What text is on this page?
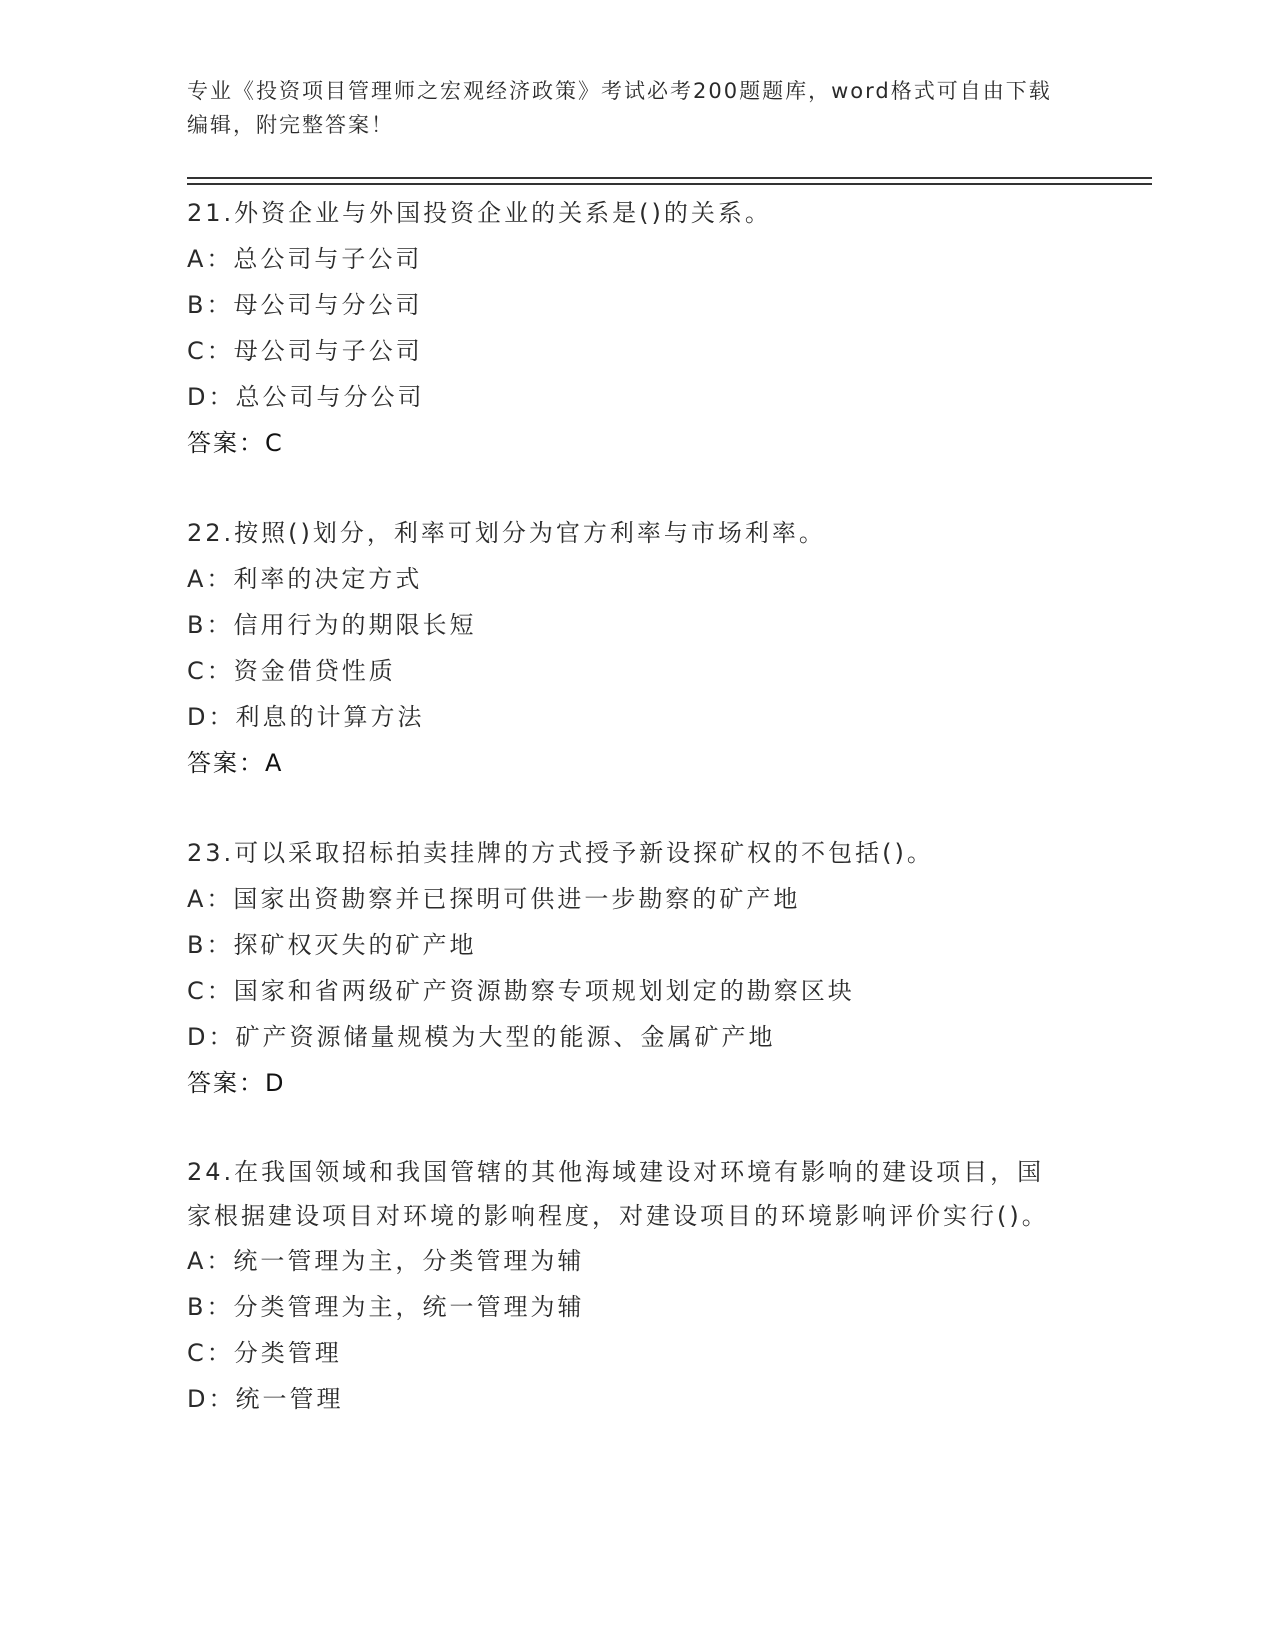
专业《投资项目管理师之宏观经济政策》考试必考200题题库，word格式可自由下载编辑，附完整答案！
21.外资企业与外国投资企业的关系是()的关系。
A：总公司与子公司
B：母公司与分公司
C：母公司与子公司
D：总公司与分公司
答案：C
22.按照()划分，利率可划分为官方利率与市场利率。
A：利率的决定方式
B：信用行为的期限长短
C：资金借贷性质
D：利息的计算方法
答案：A
23.可以采取招标拍卖挂牌的方式授予新设探矿权的不包括()。
A：国家出资勘察并已探明可供进一步勘察的矿产地
B：探矿权灭失的矿产地
C：国家和省两级矿产资源勘察专项规划划定的勘察区块
D：矿产资源储量规模为大型的能源、金属矿产地
答案：D
24.在我国领域和我国管辖的其他海域建设对环境有影响的建设项目，国家根据建设项目对环境的影响程度，对建设项目的环境影响评价实行()。
A：统一管理为主，分类管理为辅
B：分类管理为主，统一管理为辅
C：分类管理
D：统一管理
